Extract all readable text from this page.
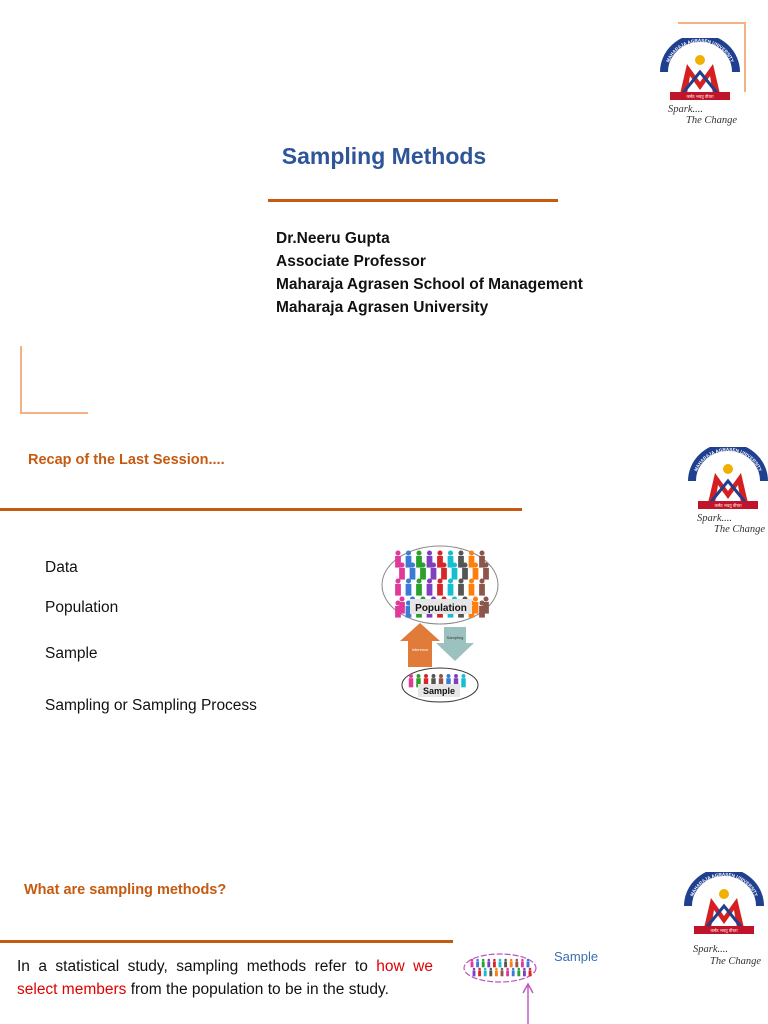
MAHARAJA AGRASEN UNIVERSITY
कर्मठ भवतु वीरता
Spark....
The Change
Sampling Methods
Dr.Neeru Gupta
Associate Professor
Maharaja Agrasen School of Management
Maharaja Agrasen University
Recap of the Last Session....
MAHARAJA AGRASEN UNIVERSITY
कर्मठ भवतु वीरता
Spark....
The Change
Data
Population
Sample
Sampling or Sampling Process
Population
Inference
Sampling
Sample
What are sampling methods?	MAHARAJA AGRASEN UNIVERSITY
कर्मठ भवतु वीरता
Spark....
The Change
In a statistical study, sampling methods refer to how we select members from the population to be in the study.
Sample
